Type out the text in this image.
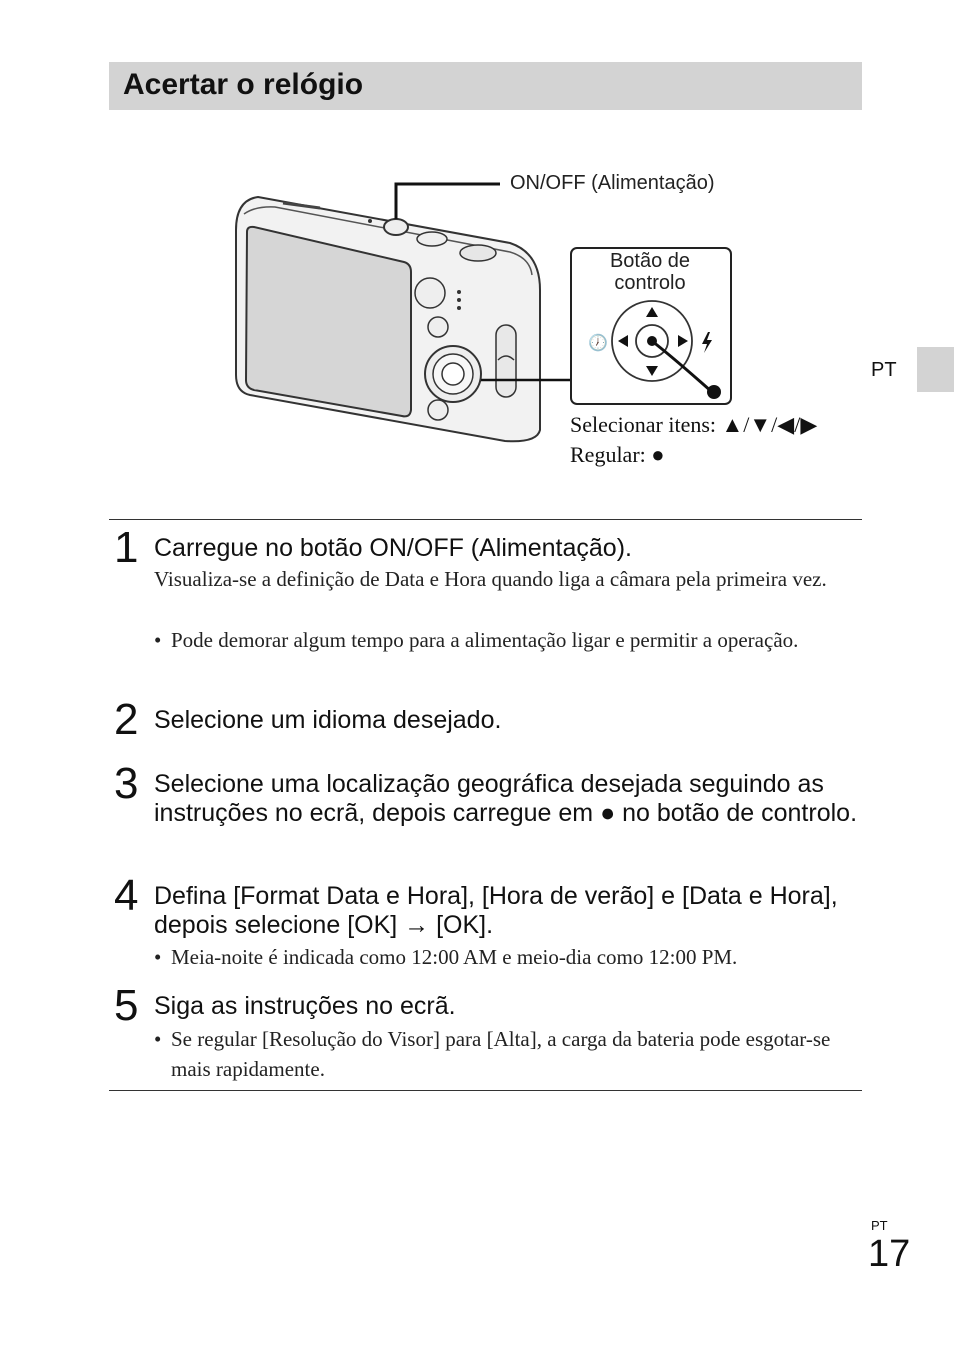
Acertar o relógio
PT
🕖
ON/OFF (Alimentação)
Botão de controlo
Selecionar itens: ▲/▼/◀/▶
Regular: ●
1 Carregue no botão ON/OFF (Alimentação).
Visualiza-se a definição de Data e Hora quando liga a câmara pela primeira vez.
• Pode demorar algum tempo para a alimentação ligar e permitir a operação.
2 Selecione um idioma desejado.
3 Selecione uma localização geográfica desejada seguindo as instruções no ecrã, depois carregue em ● no botão de controlo.
4 Defina [Format Data e Hora], [Hora de verão] e [Data e Hora], depois selecione [OK] → [OK].
• Meia-noite é indicada como 12:00 AM e meio-dia como 12:00 PM.
5 Siga as instruções no ecrã.
• Se regular [Resolução do Visor] para [Alta], a carga da bateria pode esgotar-se mais rapidamente.
PT
17
